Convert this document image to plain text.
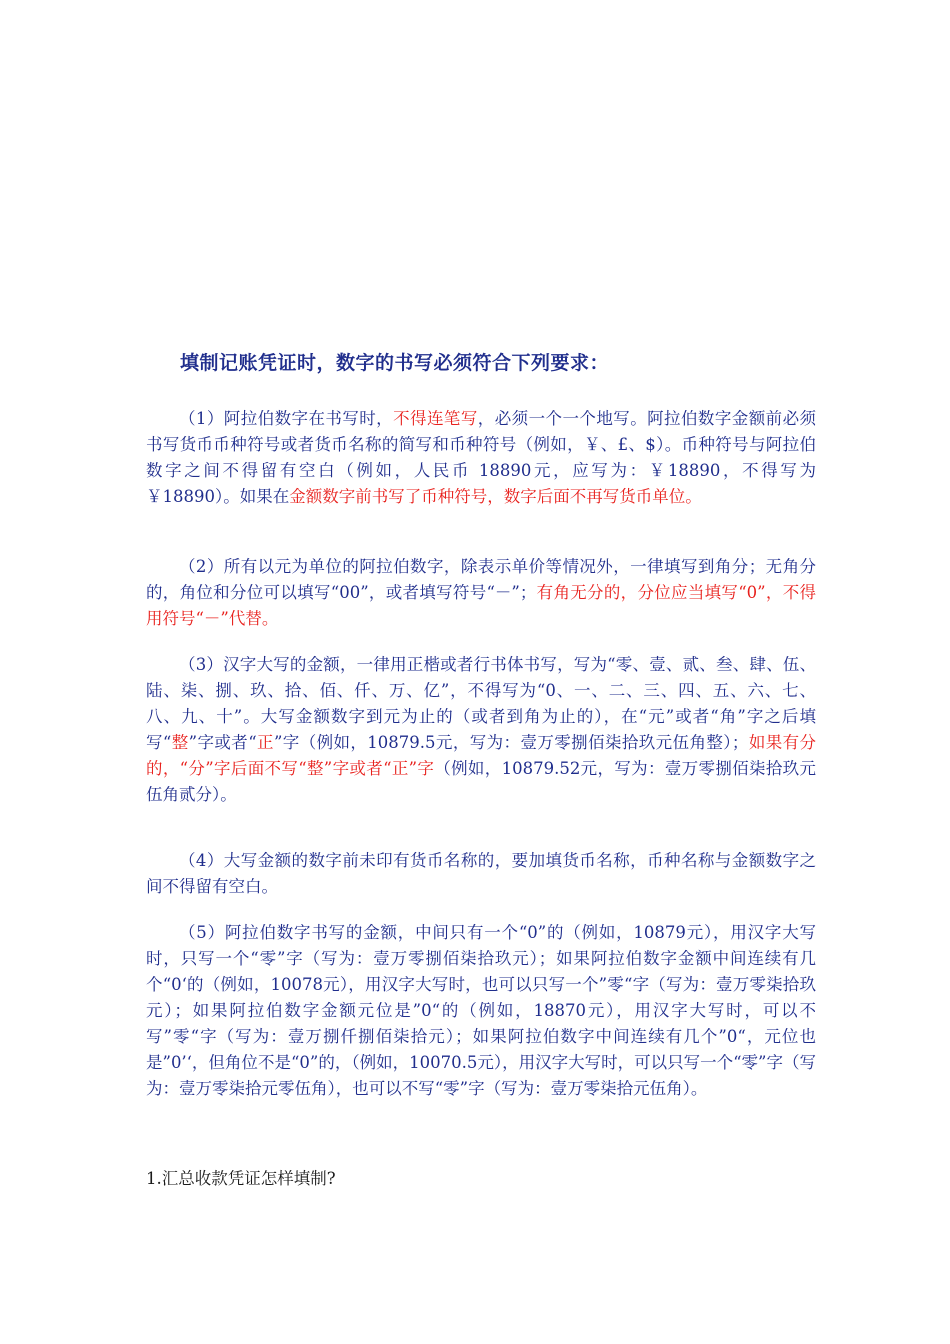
填制记账凭证时，数字的书写必须符合下列要求：

（1）阿拉伯数字在书写时，不得连笔写，必须一个一个地写。阿拉伯数字金额前必须书写货币币种符号或者货币名称的简写和币种符号（例如，￥、£、$）。币种符号与阿拉伯数字之间不得留有空白（例如，人民币 18890元，应写为：￥18890，不得写为￥18890）。如果在金额数字前书写了币种符号，数字后面不再写货币单位。

（2）所有以元为单位的阿拉伯数字，除表示单价等情况外，一律填写到角分；无角分的，角位和分位可以填写“00”，或者填写符号“－”；有角无分的，分位应当填写“0”，不得用符号“－”代替。

（3）汉字大写的金额，一律用正楷或者行书体书写，写为“零、壹、贰、叁、肆、伍、陆、柒、捌、玖、拾、佰、仟、万、亿”，不得写为“0、一、二、三、四、五、六、七、八、九、十”。大写金额数字到元为止的（或者到角为止的），在“元”或者“角”字之后填写“整”字或者“正”字（例如，10879.5元，写为：壹万零捌佰柒拾玖元伍角整）；如果有分的，“分”字后面不写“整”字或者“正”字（例如，10879.52元，写为：壹万零捌佰柒拾玖元伍角贰分）。

（4）大写金额的数字前未印有货币名称的，要加填货币名称，币种名称与金额数字之间不得留有空白。

（5）阿拉伯数字书写的金额，中间只有一个“0”的（例如，10879元），用汉字大写时，只写一个“零”字（写为：壹万零捌佰柒拾玖元）；如果阿拉伯数字金额中间连续有几个“0‘的（例如，10078元），用汉字大写时，也可以只写一个”零“字（写为：壹万零柒拾玖元）；如果阿拉伯数字金额元位是”0“的（例如，18870元），用汉字大写时，可以不写”零“字（写为：壹万捌仟捌佰柒拾元）；如果阿拉伯数字中间连续有几个”0“，元位也是”0’‘，但角位不是“0”的，（例如，10070.5元），用汉字大写时，可以只写一个“零”字（写为：壹万零柒拾元零伍角），也可以不写“零”字（写为：壹万零柒拾元伍角）。

1.汇总收款凭证怎样填制?
